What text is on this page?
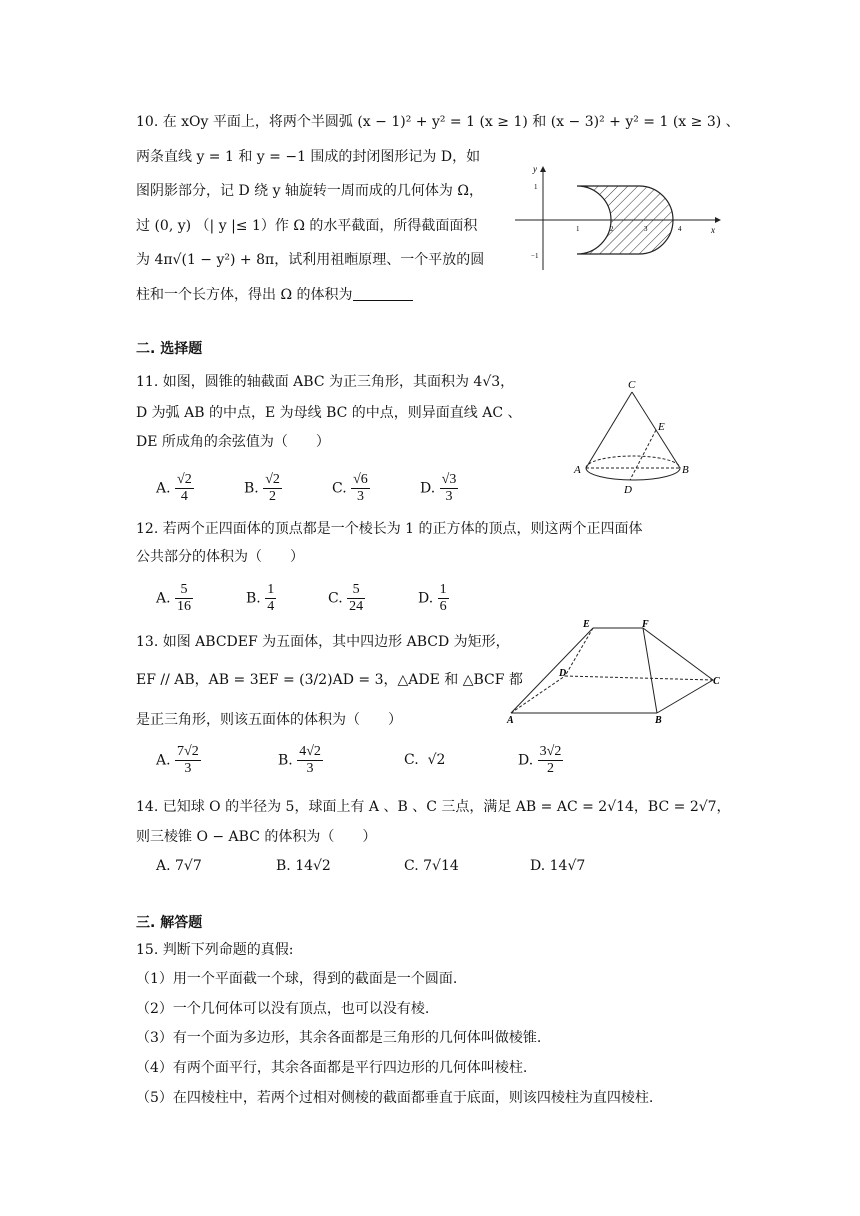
10. 在 xOy 平面上，将两个半圆弧 (x − 1)² + y² = 1 (x ≥ 1) 和 (x − 3)² + y² = 1 (x ≥ 3) 、
两条直线 y = 1 和 y = −1 围成的封闭图形记为 D，如
图阴影部分，记 D 绕 y 轴旋转一周而成的几何体为 Ω，
过 (0, y) （| y |≤ 1）作 Ω 的水平截面，所得截面面积
为 4π√(1 − y²) + 8π，试利用祖暅原理、一个平放的圆
柱和一个长方体，得出 Ω 的体积为
y
x
1
−1
1	2	3	4
二. 选择题
11. 如图，圆锥的轴截面 ABC 为正三角形，其面积为 4√3，
D 为弧 AB 的中点，E 为母线 BC 的中点，则异面直线 AC 、
DE 所成角的余弦值为（　　）
A. $\frac{√2}{4}$	B. $\frac{√2}{2}$	C. $\frac{√6}{3}$	D. $\frac{√3}{3}$
C
E
A	B
D
12. 若两个正四面体的顶点都是一个棱长为 1 的正方体的顶点，则这两个正四面体
公共部分的体积为（　　）
A. $\frac{5}{16}$	B. $\frac{1}{4}$	C. $\frac{5}{24}$	D. $\frac{1}{6}$
13. 如图 ABCDEF 为五面体，其中四边形 ABCD 为矩形，
EF // AB，AB = 3EF = (3/2)AD = 3，△ADE 和 △BCF 都
是正三角形，则该五面体的体积为（　　）
A. $\frac{7√2}{3}$	B. $\frac{4√2}{3}$	C. √2	D. $\frac{3√2}{2}$
E	F
D
C
A	B
14. 已知球 O 的半径为 5，球面上有 A 、B 、C 三点，满足 AB = AC = 2√14，BC = 2√7，
则三棱锥 O − ABC 的体积为（　　）
A. 7√7	B. 14√2	C. 7√14	D. 14√7
三. 解答题
15. 判断下列命题的真假:
（1）用一个平面截一个球，得到的截面是一个圆面.
（2）一个几何体可以没有顶点，也可以没有棱.
（3）有一个面为多边形，其余各面都是三角形的几何体叫做棱锥.
（4）有两个面平行，其余各面都是平行四边形的几何体叫棱柱.
（5）在四棱柱中，若两个过相对侧棱的截面都垂直于底面，则该四棱柱为直四棱柱.
